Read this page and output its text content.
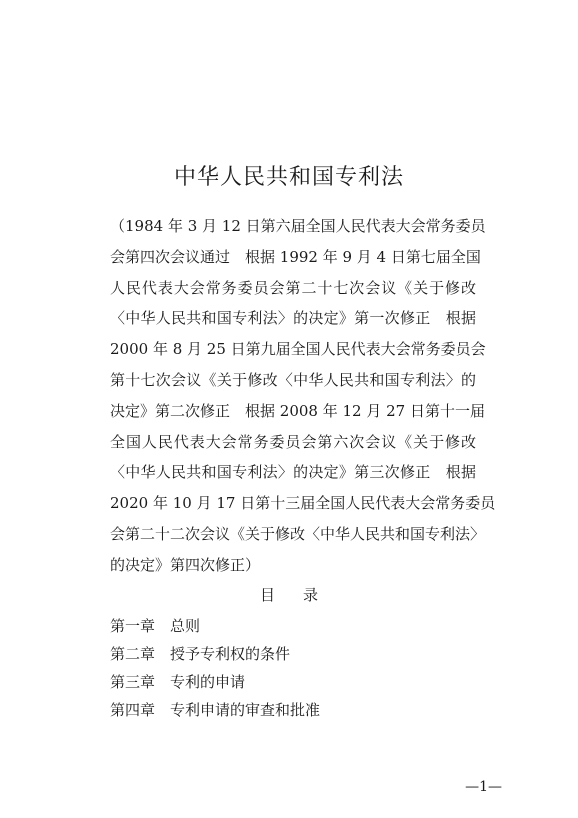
中华人民共和国专利法
（1984 年 3 月 12 日第六届全国人民代表大会常务委员
会第四次会议通过　根据 1992 年 9 月 4 日第七届全国
人民代表大会常务委员会第二十七次会议《关于修改
〈中华人民共和国专利法〉的决定》第一次修正　根据
2000 年 8 月 25 日第九届全国人民代表大会常务委员会
第十七次会议《关于修改〈中华人民共和国专利法〉的
决定》第二次修正　根据 2008 年 12 月 27 日第十一届
全国人民代表大会常务委员会第六次会议《关于修改
〈中华人民共和国专利法〉的决定》第三次修正　根据
2020 年 10 月 17 日第十三届全国人民代表大会常务委员
会第二十二次会议《关于修改〈中华人民共和国专利法〉
的决定》第四次修正）
目录
第一章 总则
第二章 授予专利权的条件
第三章 专利的申请
第四章 专利申请的审查和批准
—1—
